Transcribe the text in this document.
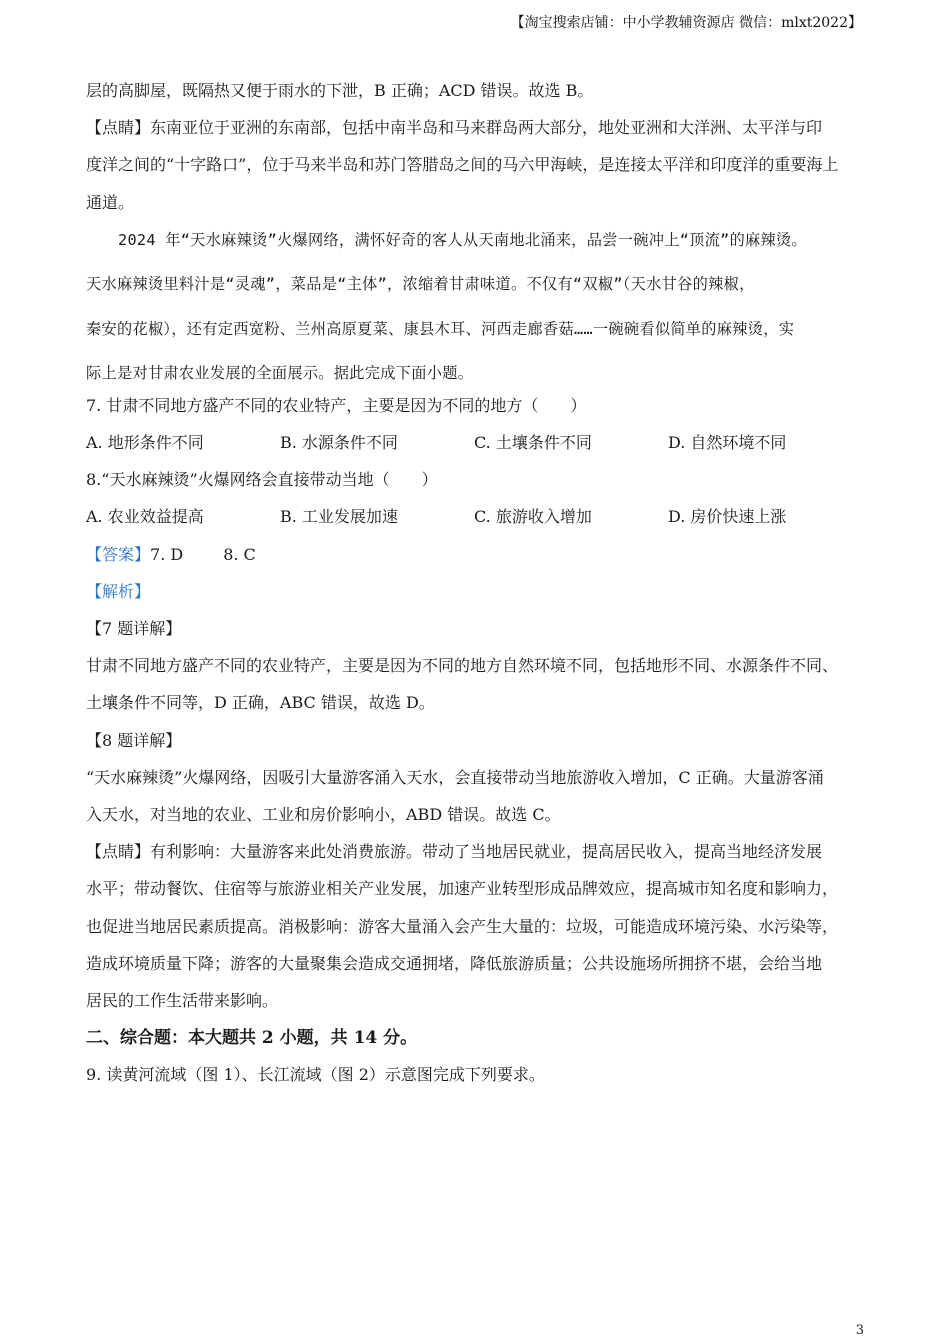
【淘宝搜索店铺：中小学教辅资源店 微信：mlxt2022】
层的高脚屋，既隔热又便于雨水的下泄，B 正确；ACD 错误。故选 B。
【点睛】东南亚位于亚洲的东南部，包括中南半岛和马来群岛两大部分，地处亚洲和大洋洲、太平洋与印
度洋之间的“十字路口”，位于马来半岛和苏门答腊岛之间的马六甲海峡，是连接太平洋和印度洋的重要海上
通道。
2024 年“天水麻辣烫”火爆网络，满怀好奇的客人从天南地北涌来，品尝一碗冲上“顶流”的麻辣烫。
天水麻辣烫里料汁是“灵魂”，菜品是“主体”，浓缩着甘肃味道。不仅有“双椒”（天水甘谷的辣椒，
秦安的花椒），还有定西宽粉、兰州高原夏菜、康县木耳、河西走廊香菇……一碗碗看似简单的麻辣烫，实
际上是对甘肃农业发展的全面展示。据此完成下面小题。
7. 甘肃不同地方盛产不同的农业特产，主要是因为不同的地方（　　）
A. 地形条件不同	B. 水源条件不同	C. 土壤条件不同	D. 自然环境不同
8.“天水麻辣烫”火爆网络会直接带动当地（　　）
A. 农业效益提高	B. 工业发展加速	C. 旅游收入增加	D. 房价快速上涨
【答案】7. D	8. C
【解析】
【7 题详解】
甘肃不同地方盛产不同的农业特产，主要是因为不同的地方自然环境不同，包括地形不同、水源条件不同、
土壤条件不同等，D 正确，ABC 错误，故选 D。
【8 题详解】
“天水麻辣烫”火爆网络，因吸引大量游客涌入天水，会直接带动当地旅游收入增加，C 正确。大量游客涌
入天水，对当地的农业、工业和房价影响小，ABD 错误。故选 C。
【点睛】有利影响：大量游客来此处消费旅游。带动了当地居民就业，提高居民收入，提高当地经济发展
水平；带动餐饮、住宿等与旅游业相关产业发展，加速产业转型形成品牌效应，提高城市知名度和影响力，
也促进当地居民素质提高。消极影响：游客大量涌入会产生大量的：垃圾，可能造成环境污染、水污染等，
造成环境质量下降；游客的大量聚集会造成交通拥堵，降低旅游质量；公共设施场所拥挤不堪，会给当地
居民的工作生活带来影响。
二、综合题：本大题共 2 小题，共 14 分。
9. 读黄河流域（图 1）、长江流域（图 2）示意图完成下列要求。
3
